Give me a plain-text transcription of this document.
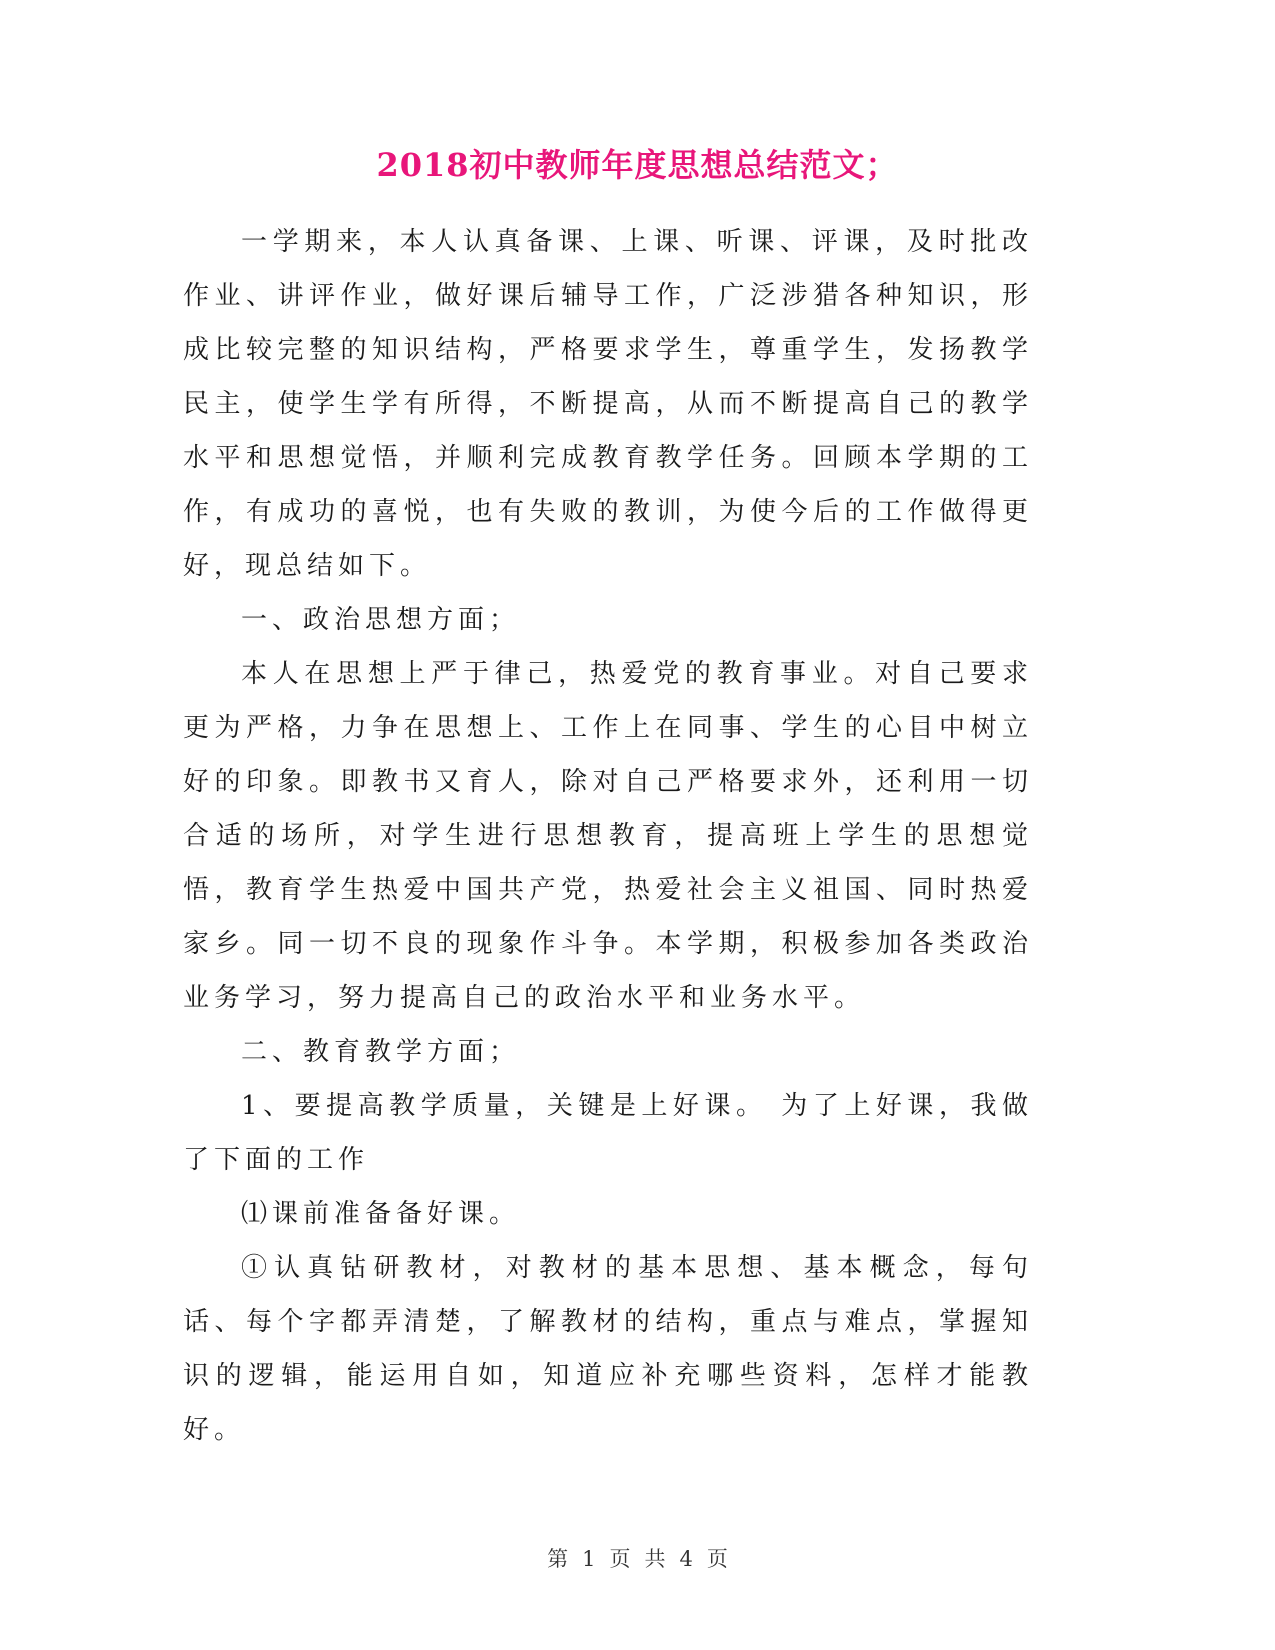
2018初中教师年度思想总结范文；

一学期来，本人认真备课、上课、听课、评课，及时批改作业、讲评作业，做好课后辅导工作，广泛涉猎各种知识，形成比较完整的知识结构，严格要求学生，尊重学生，发扬教学民主，使学生学有所得，不断提高，从而不断提高自己的教学水平和思想觉悟，并顺利完成教育教学任务。回顾本学期的工作，有成功的喜悦，也有失败的教训，为使今后的工作做得更好，现总结如下。

一、政治思想方面；

本人在思想上严于律己，热爱党的教育事业。对自己要求更为严格，力争在思想上、工作上在同事、学生的心目中树立好的印象。即教书又育人，除对自己严格要求外，还利用一切合适的场所，对学生进行思想教育，提高班上学生的思想觉悟，教育学生热爱中国共产党，热爱社会主义祖国、同时热爱家乡。同一切不良的现象作斗争。本学期，积极参加各类政治业务学习，努力提高自己的政治水平和业务水平。

二、教育教学方面；

1、要提高教学质量，关键是上好课。 为了上好课，我做了下面的工作

⑴课前准备备好课。

①认真钻研教材，对教材的基本思想、基本概念，每句话、每个字都弄清楚，了解教材的结构，重点与难点，掌握知识的逻辑，能运用自如，知道应补充哪些资料，怎样才能教好。

第 1 页 共 4 页
